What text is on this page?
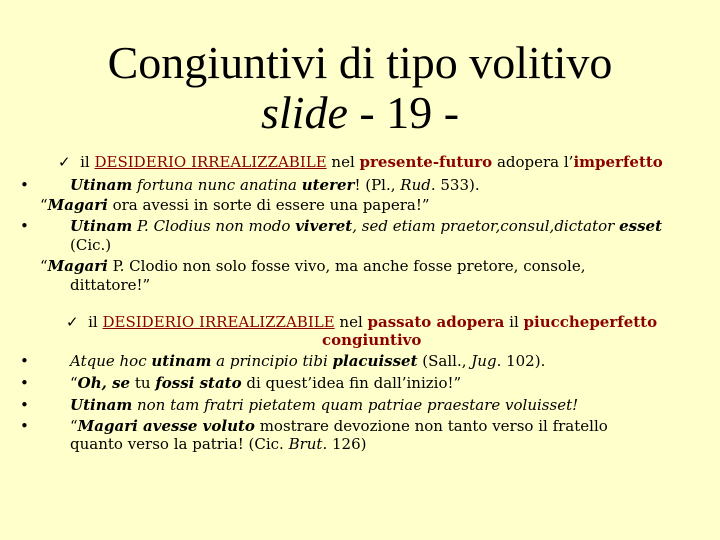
Congiuntivi di tipo volitivo
slide - 19 -
✓ il DESIDERIO IRREALIZZABILE nel presente-futuro adopera l’imperfetto
•	Utinam fortuna nunc anatina uterer! (Pl., Rud. 533).
“Magari ora avessi in sorte di essere una papera!”
•	Utinam P. Clodius non modo viveret, sed etiam praetor,consul,dictator esset
(Cic.)
“Magari P. Clodio non solo fosse vivo, ma anche fosse pretore, console,
dittatore!”
✓ il DESIDERIO IRREALIZZABILE nel passato adopera il piuccheperfetto
congiuntivo
•	Atque hoc utinam a principio tibi placuisset (Sall., Jug. 102).
•	“Oh, se tu fossi stato di quest’idea fin dall’inizio!”
•	Utinam non tam fratri pietatem quam patriae praestare voluisset!
•	“Magari avesse voluto mostrare devozione non tanto verso il fratello
quanto verso la patria! (Cic. Brut. 126)
